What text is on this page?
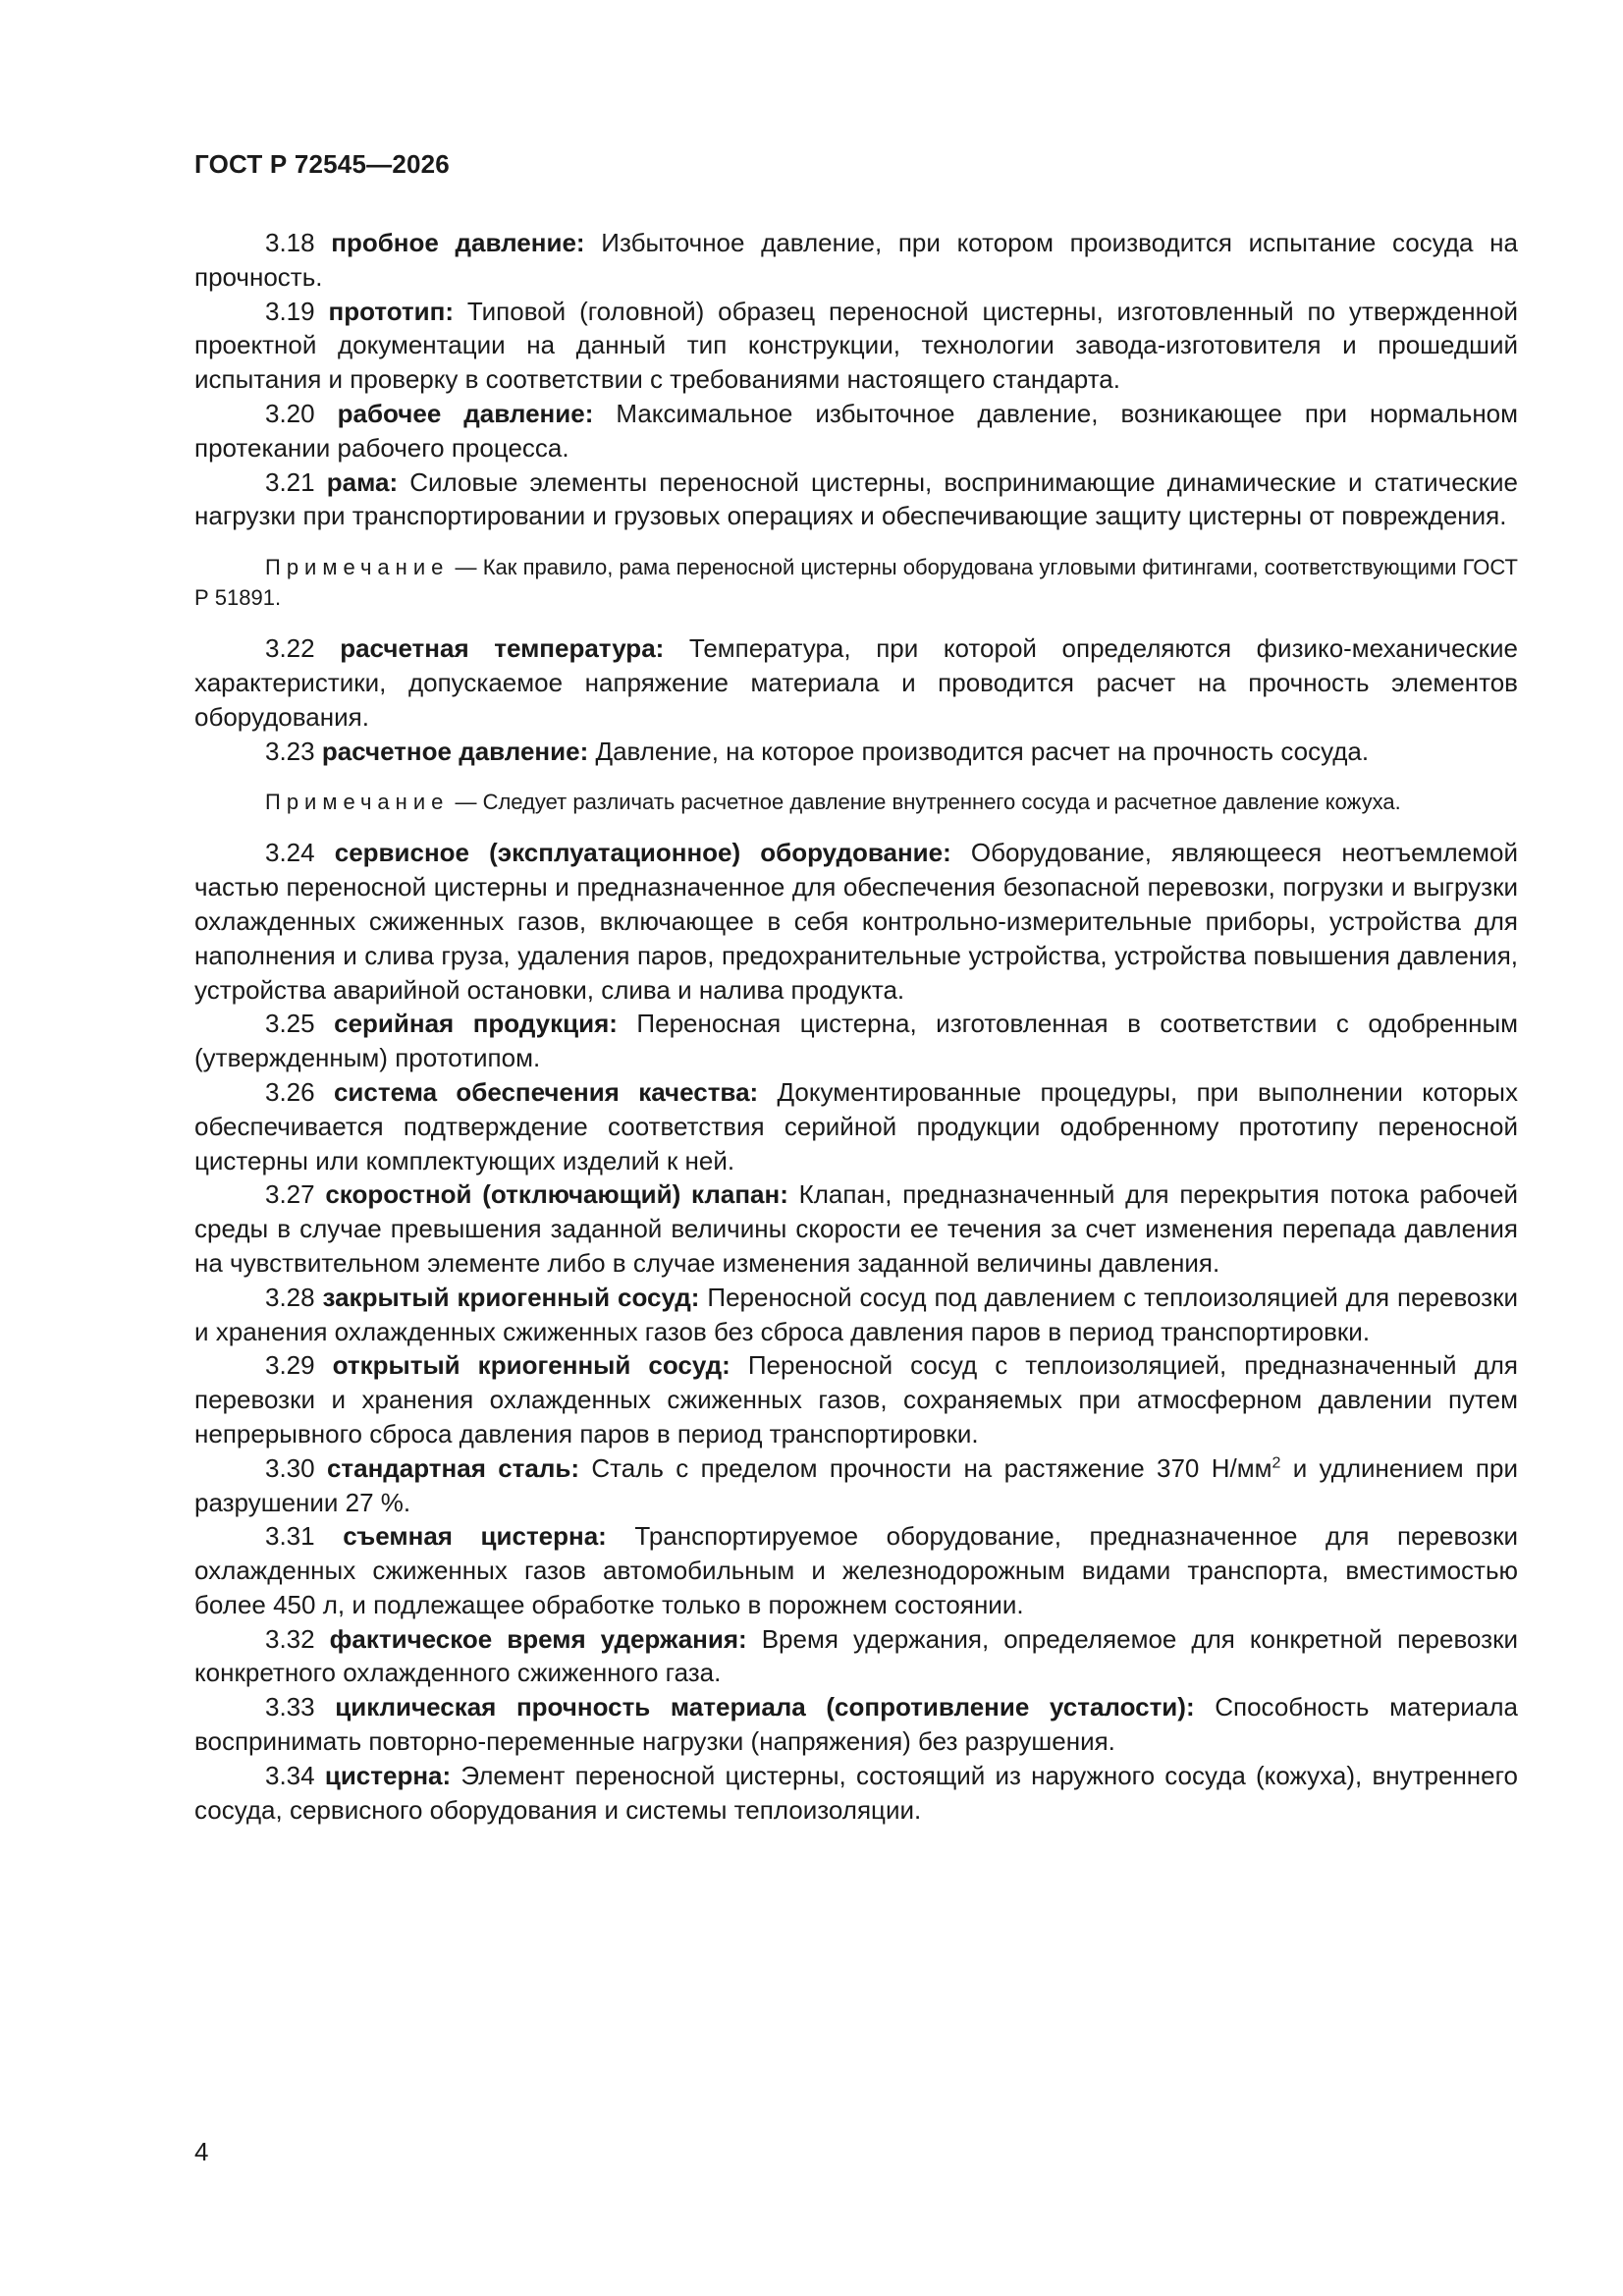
ГОСТ Р 72545—2026

3.18 пробное давление: Избыточное давление, при котором производится испытание сосуда на прочность.

3.19 прототип: Типовой (головной) образец переносной цистерны, изготовленный по утвержденной проектной документации на данный тип конструкции, технологии завода-изготовителя и прошедший испытания и проверку в соответствии с требованиями настоящего стандарта.

3.20 рабочее давление: Максимальное избыточное давление, возникающее при нормальном протекании рабочего процесса.

3.21 рама: Силовые элементы переносной цистерны, воспринимающие динамические и статические нагрузки при транспортировании и грузовых операциях и обеспечивающие защиту цистерны от повреждения.

Примечание — Как правило, рама переносной цистерны оборудована угловыми фитингами, соответствующими ГОСТ Р 51891.

3.22 расчетная температура: Температура, при которой определяются физико-механические характеристики, допускаемое напряжение материала и проводится расчет на прочность элементов оборудования.

3.23 расчетное давление: Давление, на которое производится расчет на прочность сосуда.

Примечание — Следует различать расчетное давление внутреннего сосуда и расчетное давление кожуха.

3.24 сервисное (эксплуатационное) оборудование: Оборудование, являющееся неотъемлемой частью переносной цистерны и предназначенное для обеспечения безопасной перевозки, погрузки и выгрузки охлажденных сжиженных газов, включающее в себя контрольно-измерительные приборы, устройства для наполнения и слива груза, удаления паров, предохранительные устройства, устройства повышения давления, устройства аварийной остановки, слива и налива продукта.

3.25 серийная продукция: Переносная цистерна, изготовленная в соответствии с одобренным (утвержденным) прототипом.

3.26 система обеспечения качества: Документированные процедуры, при выполнении которых обеспечивается подтверждение соответствия серийной продукции одобренному прототипу переносной цистерны или комплектующих изделий к ней.

3.27 скоростной (отключающий) клапан: Клапан, предназначенный для перекрытия потока рабочей среды в случае превышения заданной величины скорости ее течения за счет изменения перепада давления на чувствительном элементе либо в случае изменения заданной величины давления.

3.28 закрытый криогенный сосуд: Переносной сосуд под давлением с теплоизоляцией для перевозки и хранения охлажденных сжиженных газов без сброса давления паров в период транспортировки.

3.29 открытый криогенный сосуд: Переносной сосуд с теплоизоляцией, предназначенный для перевозки и хранения охлажденных сжиженных газов, сохраняемых при атмосферном давлении путем непрерывного сброса давления паров в период транспортировки.

3.30 стандартная сталь: Сталь с пределом прочности на растяжение 370 $Н/мм^2$ и удлинением при разрушении 27 %.

3.31 съемная цистерна: Транспортируемое оборудование, предназначенное для перевозки охлажденных сжиженных газов автомобильным и железнодорожным видами транспорта, вместимостью более 450 л, и подлежащее обработке только в порожнем состоянии.

3.32 фактическое время удержания: Время удержания, определяемое для конкретной перевозки конкретного охлажденного сжиженного газа.

3.33 циклическая прочность материала (сопротивление усталости): Способность материала воспринимать повторно-переменные нагрузки (напряжения) без разрушения.

3.34 цистерна: Элемент переносной цистерны, состоящий из наружного сосуда (кожуха), внутреннего сосуда, сервисного оборудования и системы теплоизоляции.

4
